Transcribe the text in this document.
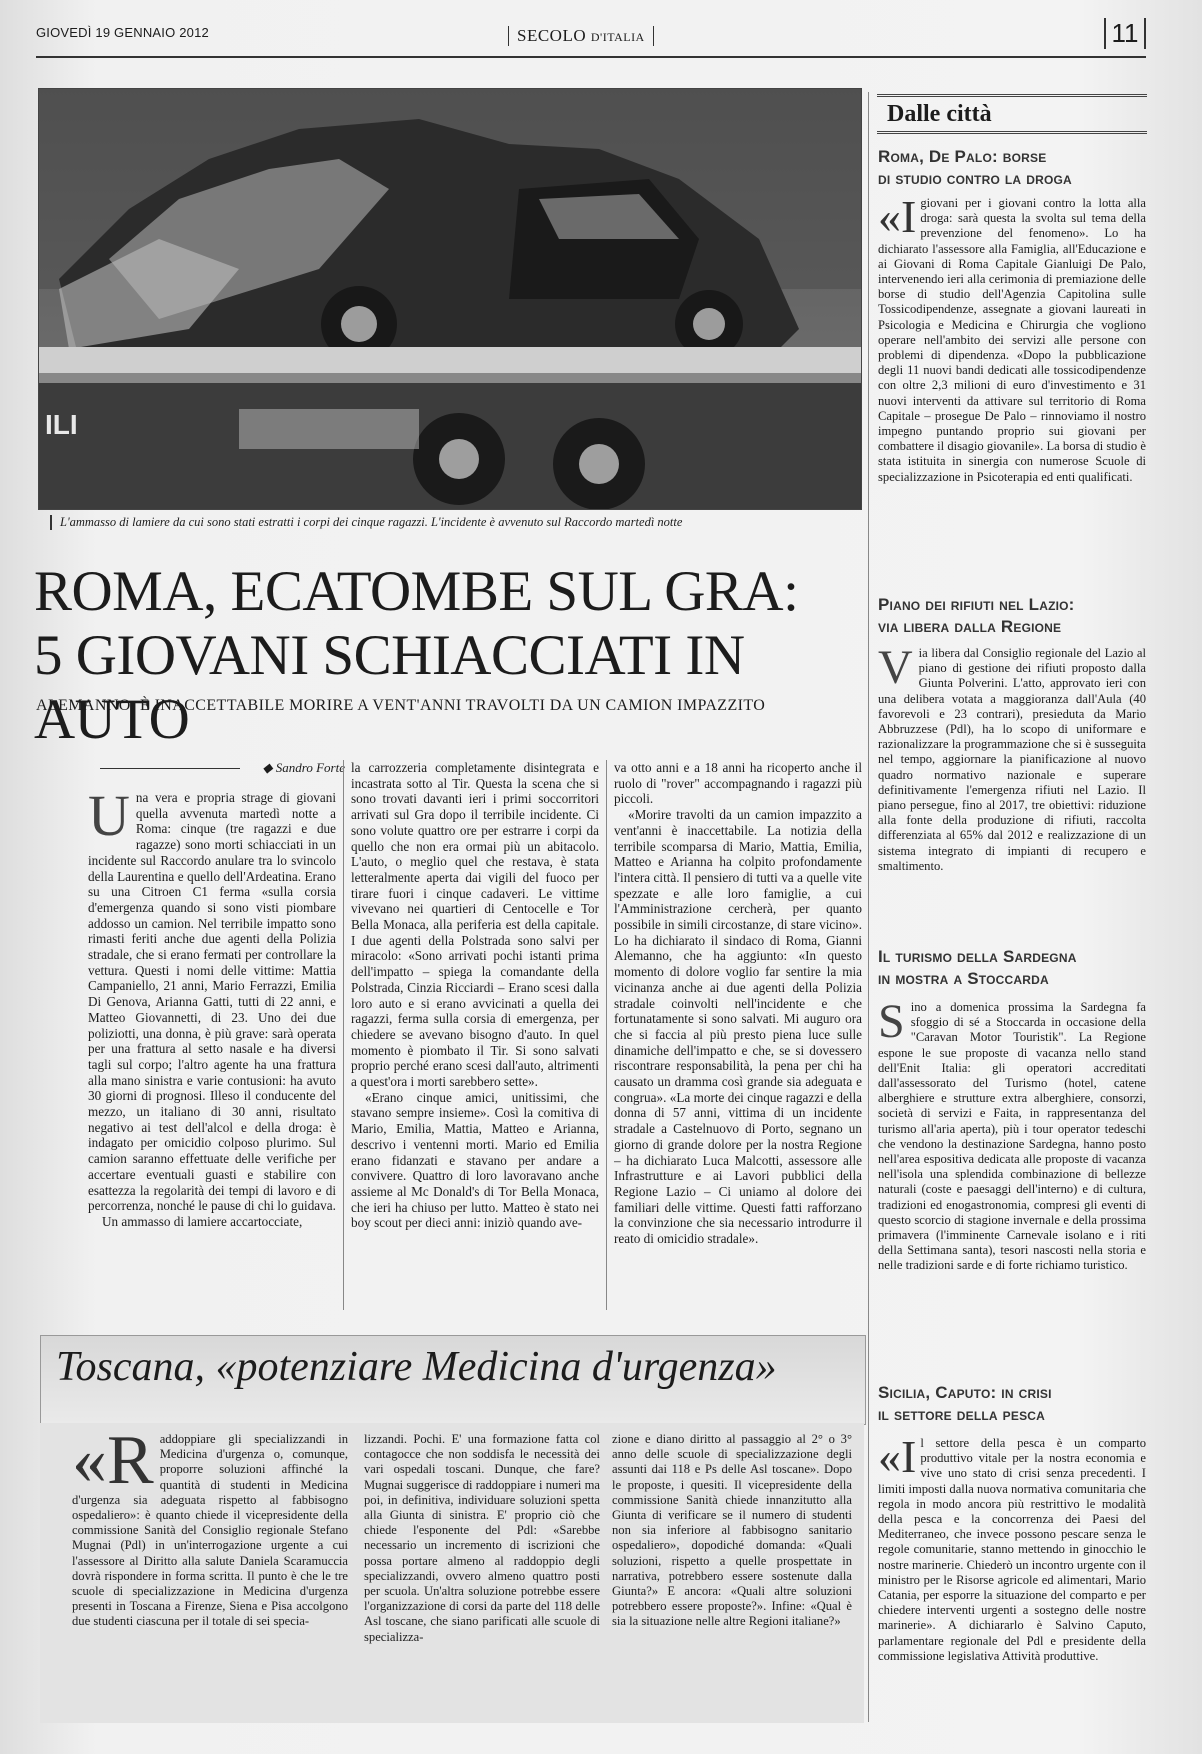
GIOVEDÌ 19 GENNAIO 2012	SECOLO D'ITALIA	11
ILI
L'ammasso di lamiere da cui sono stati estratti i corpi dei cinque ragazzi. L'incidente è avvenuto sul Raccordo martedì notte
ROMA, ECATOMBE SUL GRA:
5 GIOVANI SCHIACCIATI IN AUTO
ALEMANNO: È INACCETTABILE MORIRE A VENT'ANNI TRAVOLTI DA UN CAMION IMPAZZITO
◆ Sandro Forte
U na vera e propria strage di giovani quella avvenuta martedì notte a Roma: cinque (tre ragazzi e due ragazze) sono morti schiacciati in un incidente sul Raccordo anulare tra lo svincolo della Laurentina e quello dell'Ardeatina. Erano su una Citroen C1 ferma «sulla corsia d'emergenza quando si sono visti piombare addosso un camion. Nel terribile impatto sono rimasti feriti anche due agenti della Polizia stradale, che si erano fermati per controllare la vettura. Questi i nomi delle vittime: Mattia Campaniello, 21 anni, Mario Ferrazzi, Emilia Di Genova, Arianna Gatti, tutti di 22 anni, e Matteo Giovannetti, di 23. Uno dei due poliziotti, una donna, è più grave: sarà operata per una frattura al setto nasale e ha diversi tagli sul corpo; l'altro agente ha una frattura alla mano sinistra e varie contusioni: ha avuto 30 giorni di prognosi. Illeso il conducente del mezzo, un italiano di 30 anni, risultato negativo ai test dell'alcol e della droga: è indagato per omicidio colposo plurimo. Sul camion saranno effettuate delle verifiche per accertare eventuali guasti e stabilire con esattezza la regolarità dei tempi di lavoro e di percorrenza, nonché le pause di chi lo guidava.

Un ammasso di lamiere accartocciate,

la carrozzeria completamente disintegrata e incastrata sotto al Tir. Questa la scena che si sono trovati davanti ieri i primi soccorritori arrivati sul Gra dopo il terribile incidente. Ci sono volute quattro ore per estrarre i corpi da quello che non era ormai più un abitacolo. L'auto, o meglio quel che restava, è stata letteralmente aperta dai vigili del fuoco per tirare fuori i cinque cadaveri. Le vittime vivevano nei quartieri di Centocelle e Tor Bella Monaca, alla periferia est della capitale. I due agenti della Polstrada sono salvi per miracolo: «Sono arrivati pochi istanti prima dell'impatto – spiega la comandante della Polstrada, Cinzia Ricciardi – Erano scesi dalla loro auto e si erano avvicinati a quella dei ragazzi, ferma sulla corsia di emergenza, per chiedere se avevano bisogno d'auto. In quel momento è piombato il Tir. Si sono salvati proprio perché erano scesi dall'auto, altrimenti a quest'ora i morti sarebbero sette».

«Erano cinque amici, unitissimi, che stavano sempre insieme». Così la comitiva di Mario, Emilia, Mattia, Matteo e Arianna, descrivo i ventenni morti. Mario ed Emilia erano fidanzati e stavano per andare a convivere. Quattro di loro lavoravano anche assieme al Mc Donald's di Tor Bella Monaca, che ieri ha chiuso per lutto. Matteo è stato nei boy scout per dieci anni: iniziò quando ave-

va otto anni e a 18 anni ha ricoperto anche il ruolo di "rover" accompagnando i ragazzi più piccoli.

«Morire travolti da un camion impazzito a vent'anni è inaccettabile. La notizia della terribile scomparsa di Mario, Mattia, Emilia, Matteo e Arianna ha colpito profondamente l'intera città. Il pensiero di tutti va a quelle vite spezzate e alle loro famiglie, a cui l'Amministrazione cercherà, per quanto possibile in simili circostanze, di stare vicino». Lo ha dichiarato il sindaco di Roma, Gianni Alemanno, che ha aggiunto: «In questo momento di dolore voglio far sentire la mia vicinanza anche ai due agenti della Polizia stradale coinvolti nell'incidente e che fortunatamente si sono salvati. Mi auguro ora che si faccia al più presto piena luce sulle dinamiche dell'impatto e che, se si dovessero riscontrare responsabilità, la pena per chi ha causato un dramma così grande sia adeguata e congrua». «La morte dei cinque ragazzi e della donna di 57 anni, vittima di un incidente stradale a Castelnuovo di Porto, segnano un giorno di grande dolore per la nostra Regione – ha dichiarato Luca Malcotti, assessore alle Infrastrutture e ai Lavori pubblici della Regione Lazio – Ci uniamo al dolore dei familiari delle vittime. Questi fatti rafforzano la convinzione che sia necessario introdurre il reato di omicidio stradale».

Toscana, «potenziare Medicina d'urgenza»
«R addoppiare gli specializzandi in Medicina d'urgenza o, comunque, proporre soluzioni affinché la quantità di studenti in Medicina d'urgenza sia adeguata rispetto al fabbisogno ospedaliero»: è quanto chiede il vicepresidente della commissione Sanità del Consiglio regionale Stefano Mugnai (Pdl) in un'interrogazione urgente a cui l'assessore al Diritto alla salute Daniela Scaramuccia dovrà rispondere in forma scritta. Il punto è che le tre scuole di specializzazione in Medicina d'urgenza presenti in Toscana a Firenze, Siena e Pisa accolgono due studenti ciascuna per il totale di sei specia-

lizzandi. Pochi. E' una formazione fatta col contagocce che non soddisfa le necessità dei vari ospedali toscani. Dunque, che fare? Mugnai suggerisce di raddoppiare i numeri ma poi, in definitiva, individuare soluzioni spetta alla Giunta di sinistra. E' proprio ciò che chiede l'esponente del Pdl: «Sarebbe necessario un incremento di iscrizioni che possa portare almeno al raddoppio degli specializzandi, ovvero almeno quattro posti per scuola. Un'altra soluzione potrebbe essere l'organizzazione di corsi da parte del 118 delle Asl toscane, che siano parificati alle scuole di specializza-

zione e diano diritto al passaggio al 2° o 3° anno delle scuole di specializzazione degli assunti dai 118 e Ps delle Asl toscane». Dopo le proposte, i quesiti. Il vicepresidente della commissione Sanità chiede innanzitutto alla Giunta di verificare se il numero di studenti non sia inferiore al fabbisogno sanitario ospedaliero», dopodiché domanda: «Quali soluzioni, rispetto a quelle prospettate in narrativa, potrebbero essere sostenute dalla Giunta?» E ancora: «Quali altre soluzioni potrebbero essere proposte?». Infine: «Qual è sia la situazione nelle altre Regioni italiane?»

Dalle città
Roma, De Palo: borse
di studio contro la droga
«I giovani per i giovani contro la lotta alla droga: sarà questa la svolta sul tema della prevenzione del fenomeno». Lo ha dichiarato l'assessore alla Famiglia, all'Educazione e ai Giovani di Roma Capitale Gianluigi De Palo, intervenendo ieri alla cerimonia di premiazione delle borse di studio dell'Agenzia Capitolina sulle Tossicodipendenze, assegnate a giovani laureati in Psicologia e Medicina e Chirurgia che vogliono operare nell'ambito dei servizi alle persone con problemi di dipendenza. «Dopo la pubblicazione degli 11 nuovi bandi dedicati alle tossicodipendenze con oltre 2,3 milioni di euro d'investimento e 31 nuovi interventi da attivare sul territorio di Roma Capitale – prosegue De Palo – rinnoviamo il nostro impegno puntando proprio sui giovani per combattere il disagio giovanile». La borsa di studio è stata istituita in sinergia con numerose Scuole di specializzazione in Psicoterapia ed enti qualificati.

Piano dei rifiuti nel Lazio:
via libera dalla Regione
V ia libera dal Consiglio regionale del Lazio al piano di gestione dei rifiuti proposto dalla Giunta Polverini. L'atto, approvato ieri con una delibera votata a maggioranza dall'Aula (40 favorevoli e 23 contrari), presieduta da Mario Abbruzzese (Pdl), ha lo scopo di uniformare e razionalizzare la programmazione che si è susseguita nel tempo, aggiornare la pianificazione al nuovo quadro normativo nazionale e superare definitivamente l'emergenza rifiuti nel Lazio. Il piano persegue, fino al 2017, tre obiettivi: riduzione alla fonte della produzione di rifiuti, raccolta differenziata al 65% dal 2012 e realizzazione di un sistema integrato di impianti di recupero e smaltimento.

Il turismo della Sardegna
in mostra a Stoccarda
S ino a domenica prossima la Sardegna fa sfoggio di sé a Stoccarda in occasione della "Caravan Motor Touristik". La Regione espone le sue proposte di vacanza nello stand dell'Enit Italia: gli operatori accreditati dall'assessorato del Turismo (hotel, catene alberghiere e strutture extra alberghiere, consorzi, società di servizi e Faita, in rappresentanza del turismo all'aria aperta), più i tour operator tedeschi che vendono la destinazione Sardegna, hanno posto nell'area espositiva dedicata alle proposte di vacanza nell'isola una splendida combinazione di bellezze naturali (coste e paesaggi dell'interno) e di cultura, tradizioni ed enogastronomia, compresi gli eventi di questo scorcio di stagione invernale e della prossima primavera (l'imminente Carnevale isolano e i riti della Settimana santa), tesori nascosti nella storia e nelle tradizioni sarde e di forte richiamo turistico.

Sicilia, Caputo: in crisi
il settore della pesca
«I l settore della pesca è un comparto produttivo vitale per la nostra economia e vive uno stato di crisi senza precedenti. I limiti imposti dalla nuova normativa comunitaria che regola in modo ancora più restrittivo le modalità della pesca e la concorrenza dei Paesi del Mediterraneo, che invece possono pescare senza le regole comunitarie, stanno mettendo in ginocchio le nostre marinerie. Chiederò un incontro urgente con il ministro per le Risorse agricole ed alimentari, Mario Catania, per esporre la situazione del comparto e per chiedere interventi urgenti a sostegno delle nostre marinerie». A dichiararlo è Salvino Caputo, parlamentare regionale del Pdl e presidente della commissione legislativa Attività produttive.
